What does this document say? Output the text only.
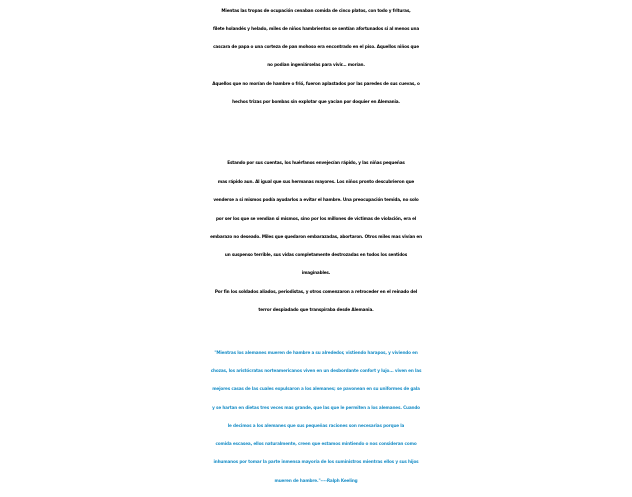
Mientas las tropas de ocupación cenaban comida de cinco platos, con todo y frituras,
filete holandés y helado, miles de niños hambrientos se sentían afortunados si al menos una
cascara de papa o una corteza de pan mohoso era encontrado en el piso. Aquellos niños que
no podían ingeniárselas para vivir... morían.
Aquellos que no morían de hambre o frió, fueron aplastados por las paredes de sus cuevas, o
hechos trizas por bombas sin explotar que yacían por doquier en Alemania.
Estando por sus cuentas, los huérfanos envejecían rápido, y las niñas pequeñas
mas rápido aun. Al igual que sus hermanas mayores. Los niños pronto descubrieron que
venderse a si mismos podía ayudarlos a evitar el hambre. Una preocupación temida, no solo
por ser los que se vendían si mismos, sino por los millones de victimas de violación, era el
embarazo no deseado. Miles que quedaron embarazadas, abortaron. Otros miles mas vivían en
un suspenso terrible, sus vidas completamente destrozadas en todos los sentidos
imaginables.
Por fin los soldados aliados, periodistas, y otros comenzaron a retroceder en el reinado del
terror despiadado que transpiraba desde Alemania.
"Mientras los alemanes mueren de hambre a su alrededor, vistiendo harapos, y viviendo en
chozas, los aristócratas norteamericanos viven en un desbordante confort y lujo... viven en las
mejores casas de las cuales expulsaron a los alemanes; se pavonean en su uniformes de gala
y se hartan en dietas tres veces mas grande, que las que le permiten a los alemanes. Cuando
le decimos a los alemanes que sus pequeñas raciones son necesarias porque la
comida escasea, ellos naturalmente, creen que estamos mintiendo o nos consideran como
inhumanos por tomar la parte inmensa mayoría de los suministros mientras ellos y sus hijos
mueren de hambre."----Ralph Keeling
